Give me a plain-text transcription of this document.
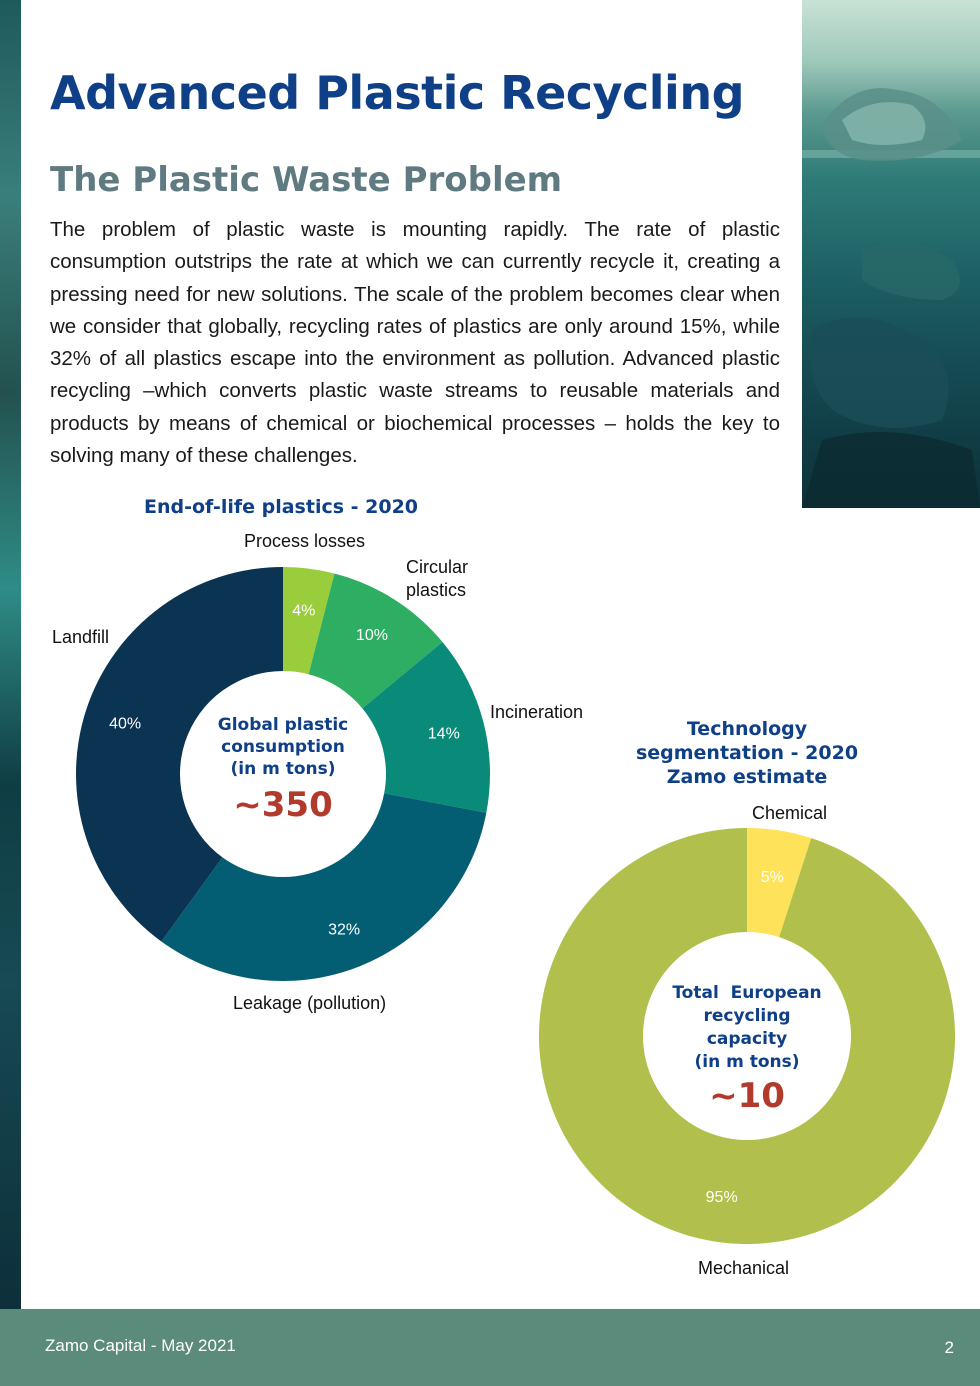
Advanced Plastic Recycling
The Plastic Waste Problem

The problem of plastic waste is mounting rapidly. The rate of plastic consumption outstrips the rate at which we can currently recycle it, creating a pressing need for new solutions. The scale of the problem becomes clear when we consider that globally, recycling rates of plastics are only around 15%, while 32% of all plastics escape into the environment as pollution. Advanced plastic recycling –which converts plastic waste streams to reusable materials and products by means of chemical or biochemical processes – holds the key to solving many of these challenges.

End-of-life plastics - 2020
4%
10%
14%
32%
40%
5%
95%
Process losses
Circular
plastics
Incineration
Leakage (pollution)
Landfill
Global plastic
consumption
(in m tons)
~350
Technology
segmentation - 2020
Zamo estimate
Chemical
Mechanical
Total  European
recycling
capacity
(in m tons)
~10
Zamo Capital - May 2021	2
